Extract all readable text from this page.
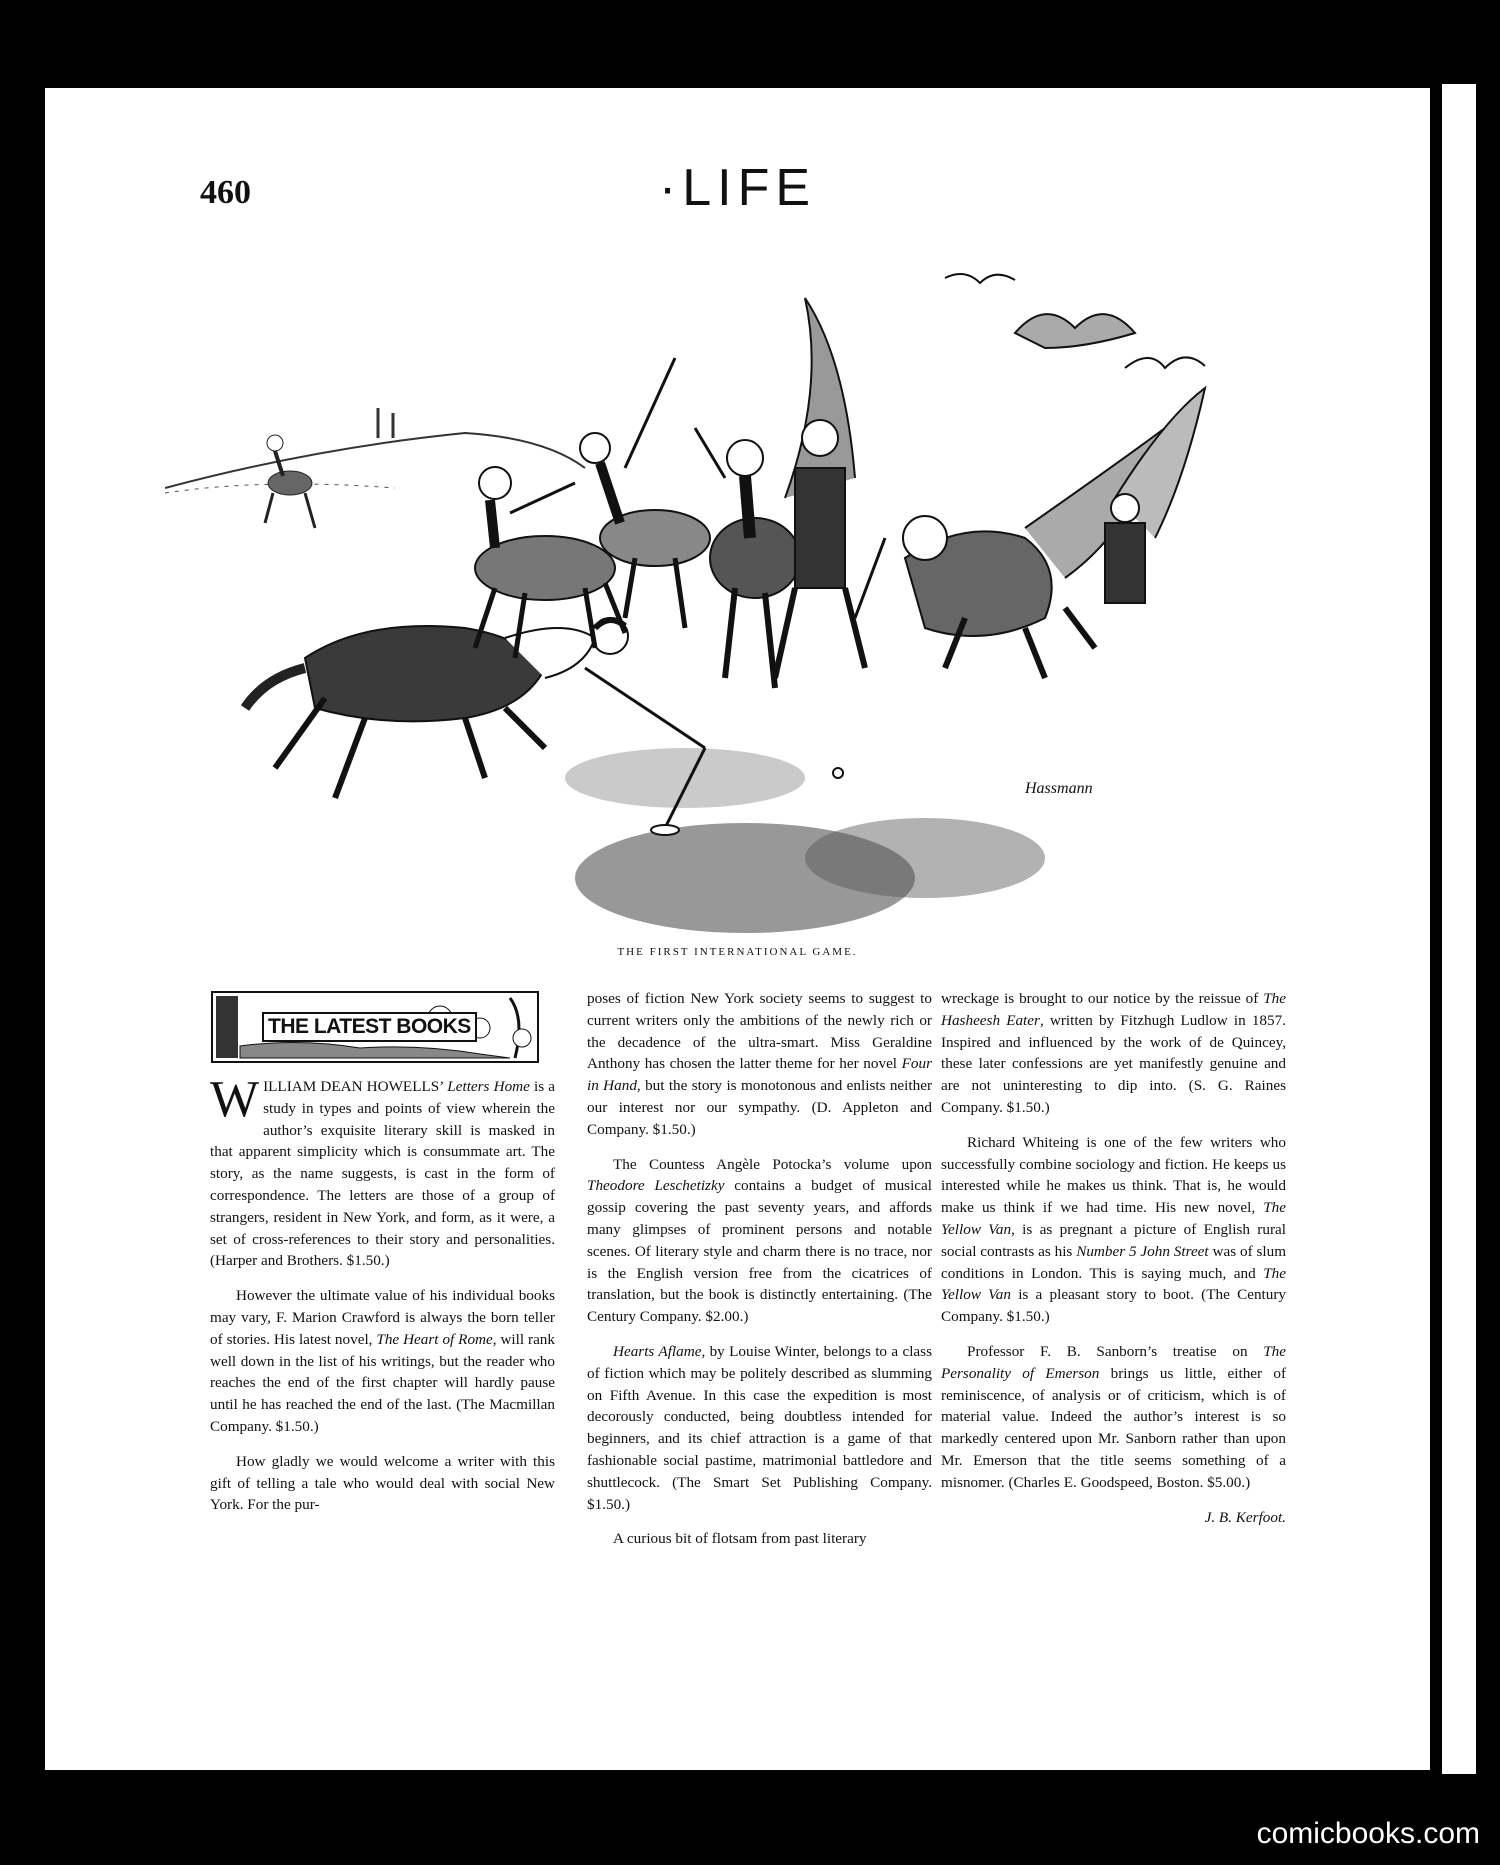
460	·LIFE
Hassmann
THE FIRST INTERNATIONAL GAME.
THE LATEST BOOKS

WILLIAM DEAN HOWELLS’ Letters Home is a study in types and points of view wherein the author’s exquisite literary skill is masked in that apparent simplicity which is consummate art. The story, as the name suggests, is cast in the form of correspondence. The letters are those of a group of strangers, resident in New York, and form, as it were, a set of cross-references to their story and personalities. (Harper and Brothers. $1.50.)

However the ultimate value of his individual books may vary, F. Marion Crawford is always the born teller of stories. His latest novel, The Heart of Rome, will rank well down in the list of his writings, but the reader who reaches the end of the first chapter will hardly pause until he has reached the end of the last. (The Macmillan Company. $1.50.)

How gladly we would welcome a writer with this gift of telling a tale who would deal with social New York. For the pur-

poses of fiction New York society seems to suggest to current writers only the ambitions of the newly rich or the decadence of the ultra-smart. Miss Geraldine Anthony has chosen the latter theme for her novel Four in Hand, but the story is monotonous and enlists neither our interest nor our sympathy. (D. Appleton and Company. $1.50.)

The Countess Angèle Potocka’s volume upon Theodore Leschetizky contains a budget of musical gossip covering the past seventy years, and affords many glimpses of prominent persons and notable scenes. Of literary style and charm there is no trace, nor is the English version free from the cicatrices of translation, but the book is distinctly entertaining. (The Century Company. $2.00.)

Hearts Aflame, by Louise Winter, belongs to a class of fiction which may be politely described as slumming on Fifth Avenue. In this case the expedition is most decorously conducted, being doubtless intended for beginners, and its chief attraction is a game of that fashionable social pastime, matrimonial battledore and shuttlecock. (The Smart Set Publishing Company. $1.50.)

A curious bit of flotsam from past literary

wreckage is brought to our notice by the reissue of The Hasheesh Eater, written by Fitzhugh Ludlow in 1857. Inspired and influenced by the work of de Quincey, these later confessions are yet manifestly genuine and are not uninteresting to dip into. (S. G. Raines Company. $1.50.)

Richard Whiteing is one of the few writers who successfully combine sociology and fiction. He keeps us interested while he makes us think. That is, he would make us think if we had time. His new novel, The Yellow Van, is as pregnant a picture of English rural social contrasts as his Number 5 John Street was of slum conditions in London. This is saying much, and The Yellow Van is a pleasant story to boot. (The Century Company. $1.50.)

Professor F. B. Sanborn’s treatise on The Personality of Emerson brings us little, either of reminiscence, of analysis or of criticism, which is of material value. Indeed the author’s interest is so markedly centered upon Mr. Sanborn rather than upon Mr. Emerson that the title seems something of a misnomer. (Charles E. Goodspeed, Boston. $5.00.)

J. B. Kerfoot.

comicbooks.com
